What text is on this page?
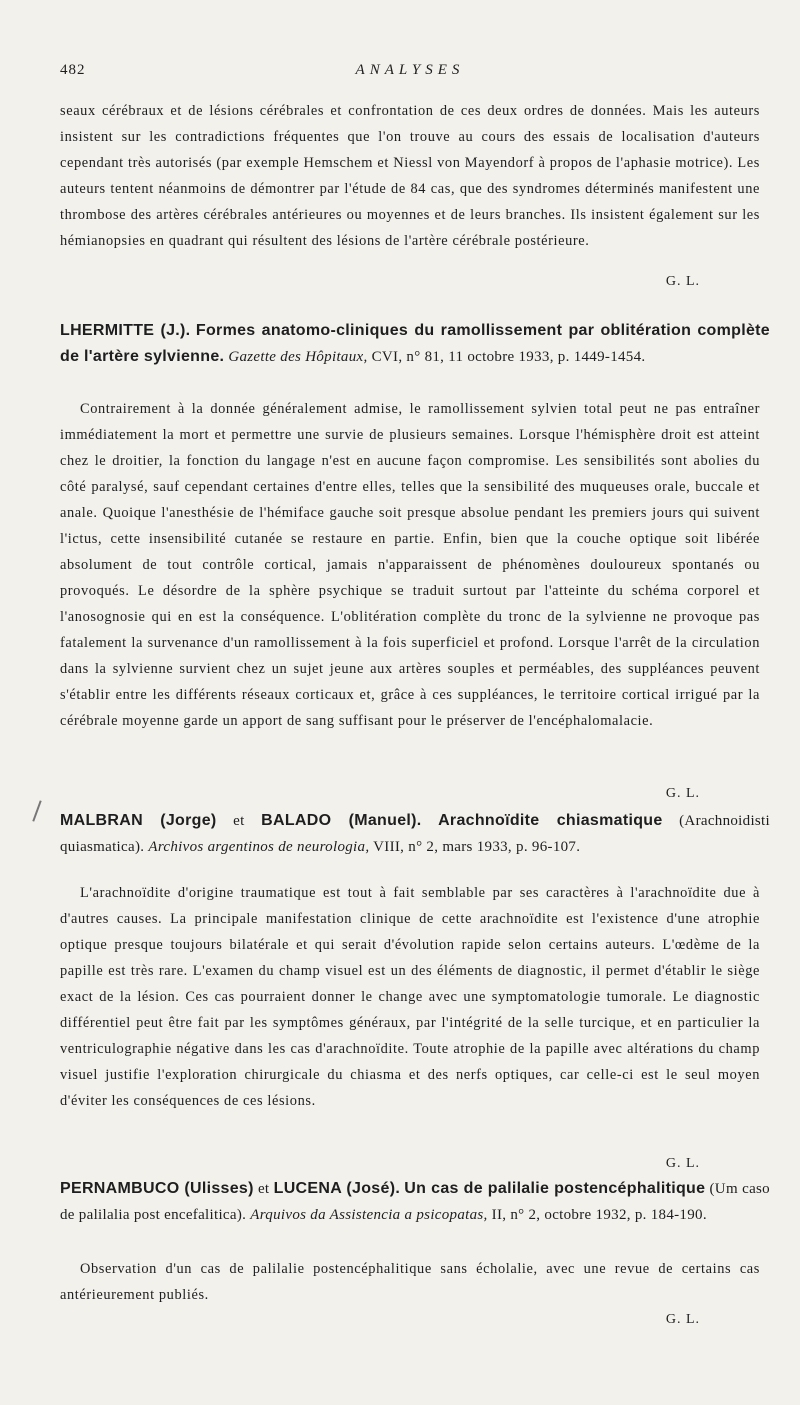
482	ANALYSES
seaux cérébraux et de lésions cérébrales et confrontation de ces deux ordres de données. Mais les auteurs insistent sur les contradictions fréquentes que l'on trouve au cours des essais de localisation d'auteurs cependant très autorisés (par exemple Hemschem et Niessl von Mayendorf à propos de l'aphasie motrice). Les auteurs tentent néanmoins de démontrer par l'étude de 84 cas, que des syndromes déterminés manifestent une thrombose des artères cérébrales antérieures ou moyennes et de leurs branches. Ils insistent également sur les hémianopsies en quadrant qui résultent des lésions de l'artère cérébrale postérieure.
G. L.
LHERMITTE (J.). Formes anatomo-cliniques du ramollissement par oblitération complète de l'artère sylvienne. Gazette des Hôpitaux, CVI, n° 81, 11 octobre 1933, p. 1449-1454.
Contrairement à la donnée généralement admise, le ramollissement sylvien total peut ne pas entraîner immédiatement la mort et permettre une survie de plusieurs semaines. Lorsque l'hémisphère droit est atteint chez le droitier, la fonction du langage n'est en aucune façon compromise. Les sensibilités sont abolies du côté paralysé, sauf cependant certaines d'entre elles, telles que la sensibilité des muqueuses orale, buccale et anale. Quoique l'anesthésie de l'hémiface gauche soit presque absolue pendant les premiers jours qui suivent l'ictus, cette insensibilité cutanée se restaure en partie. Enfin, bien que la couche optique soit libérée absolument de tout contrôle cortical, jamais n'apparaissent de phénomènes douloureux spontanés ou provoqués. Le désordre de la sphère psychique se traduit surtout par l'atteinte du schéma corporel et l'anosognosie qui en est la conséquence. L'oblitération complète du tronc de la sylvienne ne provoque pas fatalement la survenance d'un ramollissement à la fois superficiel et profond. Lorsque l'arrêt de la circulation dans la sylvienne survient chez un sujet jeune aux artères souples et perméables, des suppléances peuvent s'établir entre les différents réseaux corticaux et, grâce à ces suppléances, le territoire cortical irrigué par la cérébrale moyenne garde un apport de sang suffisant pour le préserver de l'encéphalomalacie.
G. L.
MALBRAN (Jorge) et BALADO (Manuel). Arachnoïdite chiasmatique (Arachnoidisti quiasmatica). Archivos argentinos de neurologia, VIII, n° 2, mars 1933, p. 96-107.
L'arachnoïdite d'origine traumatique est tout à fait semblable par ses caractères à l'arachnoïdite due à d'autres causes. La principale manifestation clinique de cette arachnoïdite est l'existence d'une atrophie optique presque toujours bilatérale et qui serait d'évolution rapide selon certains auteurs. L'œdème de la papille est très rare. L'examen du champ visuel est un des éléments de diagnostic, il permet d'établir le siège exact de la lésion. Ces cas pourraient donner le change avec une symptomatologie tumorale. Le diagnostic différentiel peut être fait par les symptômes généraux, par l'intégrité de la selle turcique, et en particulier la ventriculographie négative dans les cas d'arachnoïdite. Toute atrophie de la papille avec altérations du champ visuel justifie l'exploration chirurgicale du chiasma et des nerfs optiques, car celle-ci est le seul moyen d'éviter les conséquences de ces lésions.
G. L.
PERNAMBUCO (Ulisses) et LUCENA (José). Un cas de palilalie postencéphalitique (Um caso de palilalia post encefalitica). Arquivos da Assistencia a psicopatas, II, n° 2, octobre 1932, p. 184-190.
Observation d'un cas de palilalie postencéphalitique sans écholalie, avec une revue de certains cas antérieurement publiés.
G. L.
